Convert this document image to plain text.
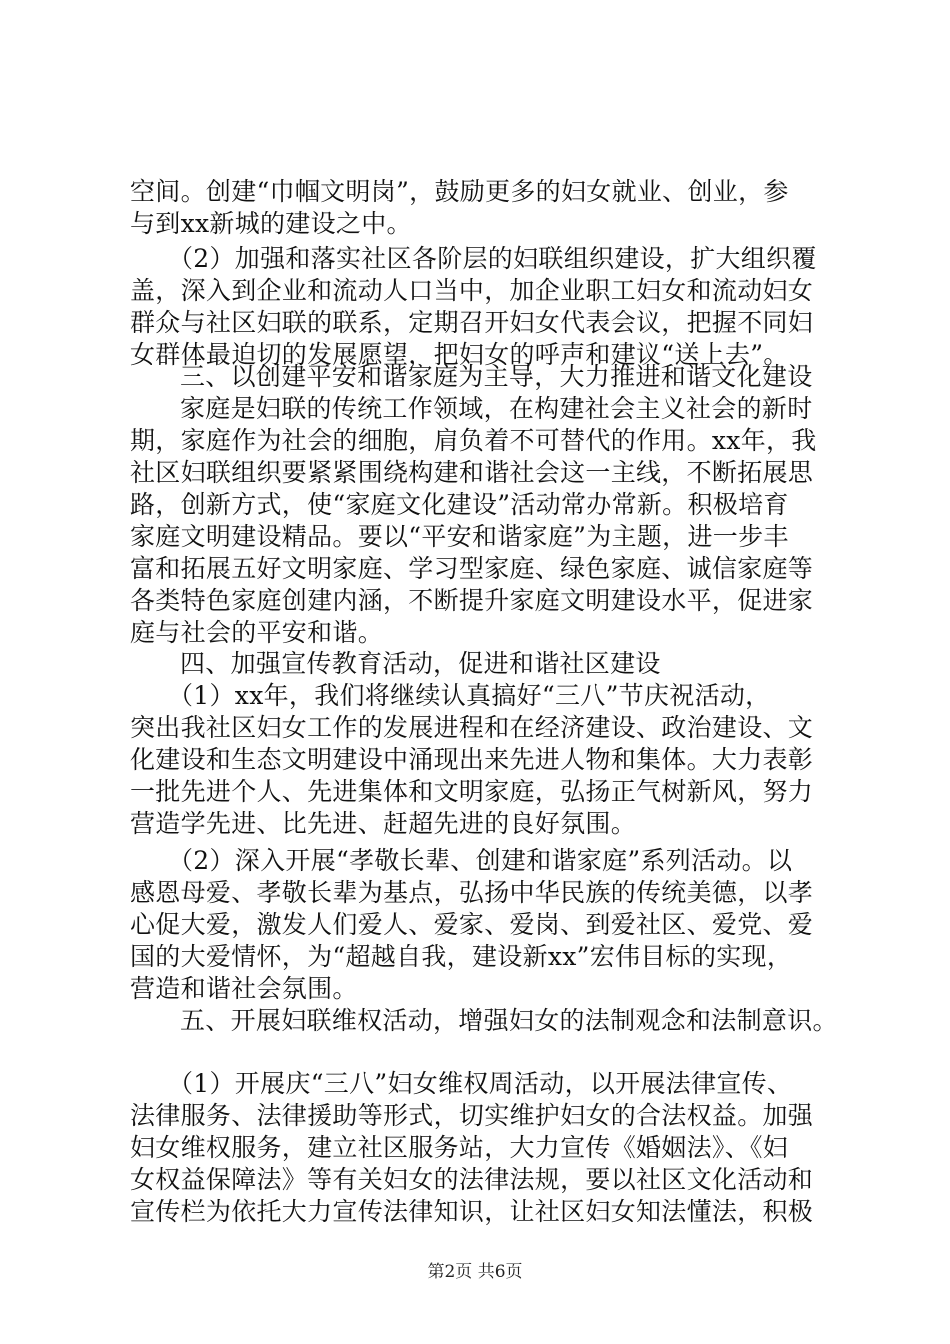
空间。创建“巾帼文明岗”，鼓励更多的妇女就业、创业，参
与到xx新城的建设之中。
（2）加强和落实社区各阶层的妇联组织建设，扩大组织覆
盖，深入到企业和流动人口当中，加企业职工妇女和流动妇女
群众与社区妇联的联系，定期召开妇女代表会议，把握不同妇
女群体最迫切的发展愿望，把妇女的呼声和建议“送上去”。
三、以创建平安和谐家庭为主导，大力推进和谐文化建设
家庭是妇联的传统工作领域，在构建社会主义社会的新时
期，家庭作为社会的细胞，肩负着不可替代的作用。xx年，我
社区妇联组织要紧紧围绕构建和谐社会这一主线，不断拓展思
路，创新方式，使“家庭文化建设”活动常办常新。积极培育
家庭文明建设精品。要以“平安和谐家庭”为主题，进一步丰
富和拓展五好文明家庭、学习型家庭、绿色家庭、诚信家庭等
各类特色家庭创建内涵，不断提升家庭文明建设水平，促进家
庭与社会的平安和谐。
四、加强宣传教育活动，促进和谐社区建设
（1）xx年，我们将继续认真搞好“三八”节庆祝活动，
突出我社区妇女工作的发展进程和在经济建设、政治建设、文
化建设和生态文明建设中涌现出来先进人物和集体。大力表彰
一批先进个人、先进集体和文明家庭，弘扬正气树新风，努力
营造学先进、比先进、赶超先进的良好氛围。
（2）深入开展“孝敬长辈、创建和谐家庭”系列活动。以
感恩母爱、孝敬长辈为基点，弘扬中华民族的传统美德，以孝
心促大爱，激发人们爱人、爱家、爱岗、到爱社区、爱党、爱
国的大爱情怀，为“超越自我，建设新xx”宏伟目标的实现，
营造和谐社会氛围。
五、开展妇联维权活动，增强妇女的法制观念和法制意识。
（1）开展庆“三八”妇女维权周活动，以开展法律宣传、
法律服务、法律援助等形式，切实维护妇女的合法权益。加强
妇女维权服务，建立社区服务站，大力宣传《婚姻法》、《妇
女权益保障法》等有关妇女的法律法规，要以社区文化活动和
宣传栏为依托大力宣传法律知识，让社区妇女知法懂法，积极
第2页 共6页
